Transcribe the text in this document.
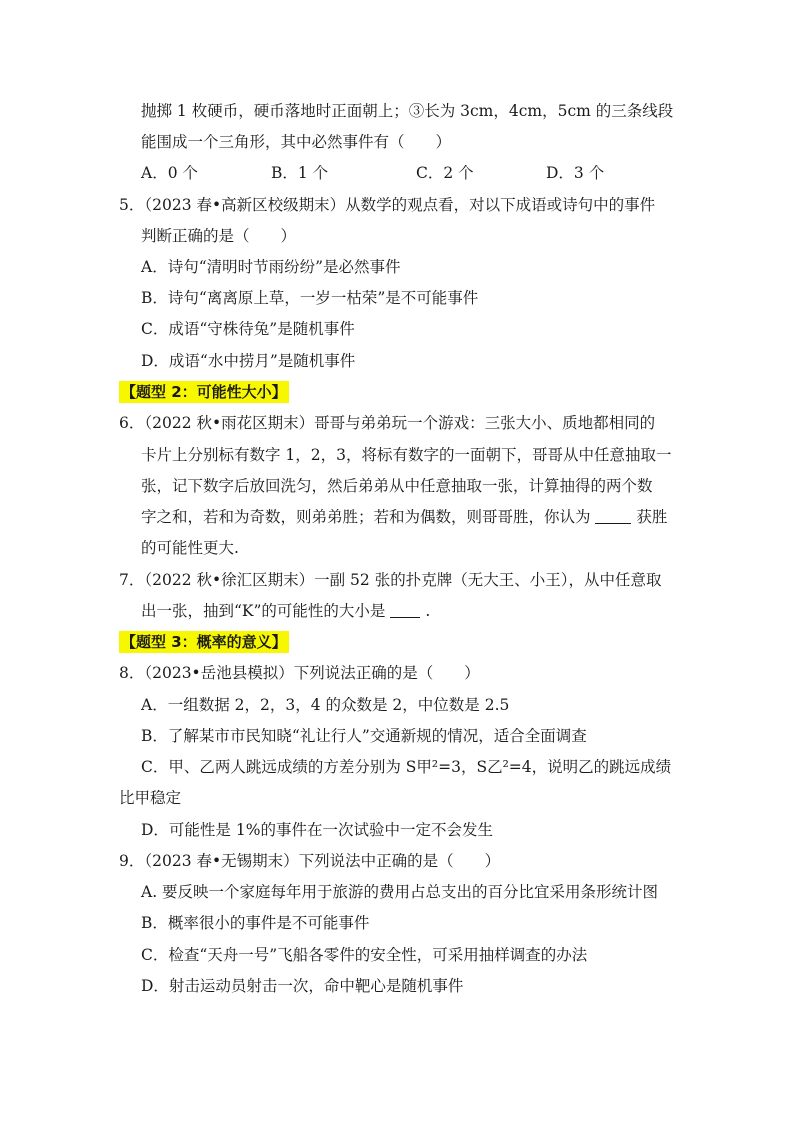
抛掷 1 枚硬币，硬币落地时正面朝上；③长为 3cm，4cm，5cm 的三条线段
能围成一个三角形，其中必然事件有（　　）
A．0 个	B．1 个	C．2 个	D．3 个
5．（2023 春•高新区校级期末）从数学的观点看，对以下成语或诗句中的事件
判断正确的是（　　）
A．诗句“清明时节雨纷纷”是必然事件
B．诗句“离离原上草，一岁一枯荣”是不可能事件
C．成语“守株待兔”是随机事件
D．成语“水中捞月”是随机事件
【题型 2：可能性大小】
6．（2022 秋•雨花区期末）哥哥与弟弟玩一个游戏：三张大小、质地都相同的
卡片上分别标有数字 1，2，3，将标有数字的一面朝下，哥哥从中任意抽取一
张，记下数字后放回洗匀，然后弟弟从中任意抽取一张，计算抽得的两个数
字之和，若和为奇数，则弟弟胜；若和为偶数，则哥哥胜，你认为	获胜
的可能性更大.
7．（2022 秋•徐汇区期末）一副 52 张的扑克牌（无大王、小王），从中任意取
出一张，抽到“K”的可能性的大小是	.
【题型 3：概率的意义】
8．（2023•岳池县模拟）下列说法正确的是（　　）
A．一组数据 2，2，3，4 的众数是 2，中位数是 2.5
B．了解某市市民知晓“礼让行人”交通新规的情况，适合全面调查
C．甲、乙两人跳远成绩的方差分别为 S甲²=3，S乙²=4，说明乙的跳远成绩
比甲稳定
D．可能性是 1%的事件在一次试验中一定不会发生
9．（2023 春•无锡期末）下列说法中正确的是（　　）
A. 要反映一个家庭每年用于旅游的费用占总支出的百分比宜采用条形统计图
B．概率很小的事件是不可能事件
C．检查“天舟一号”飞船各零件的安全性，可采用抽样调查的办法
D．射击运动员射击一次，命中靶心是随机事件
